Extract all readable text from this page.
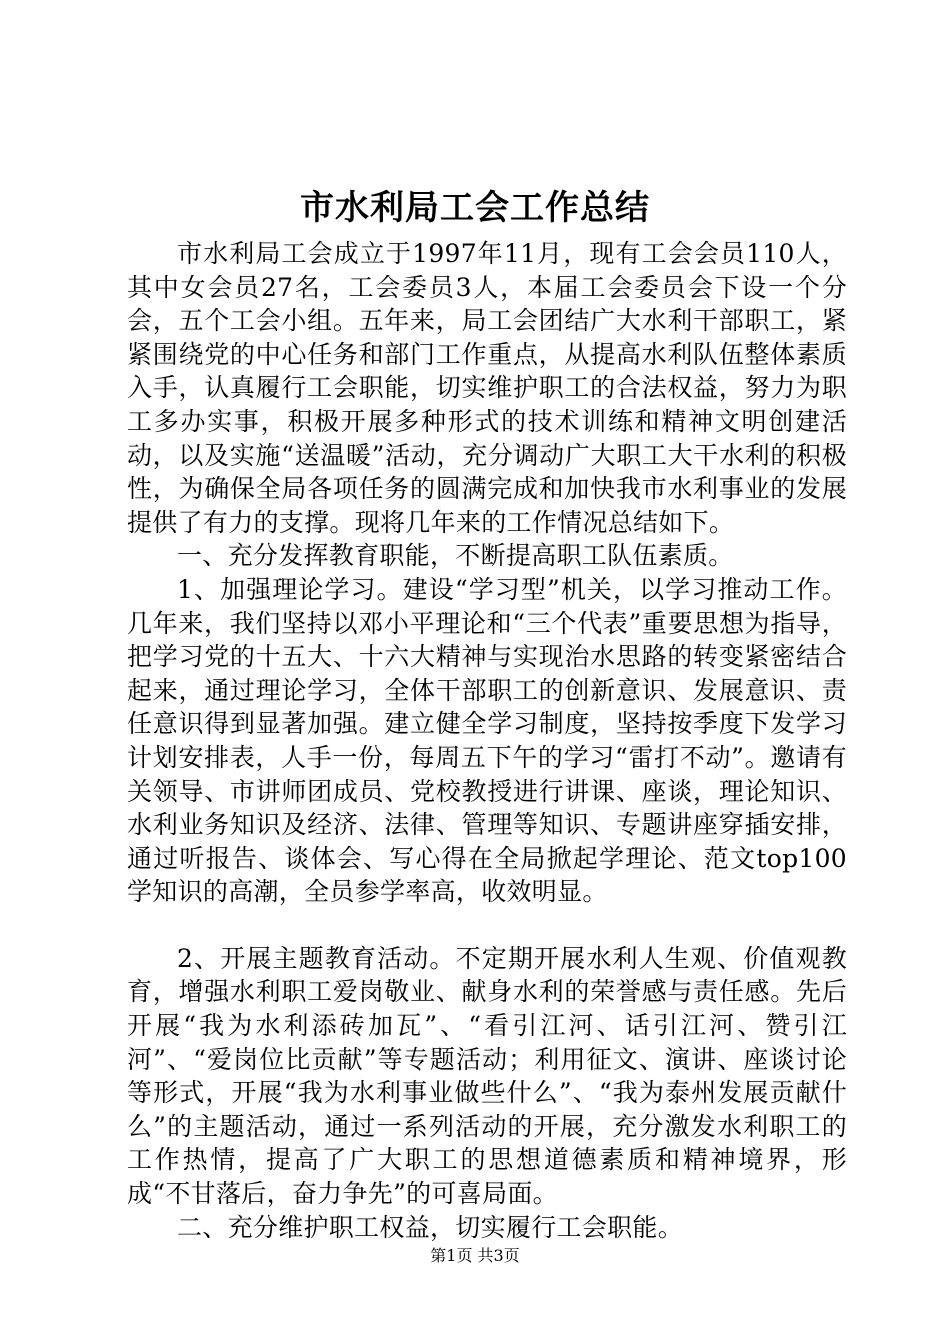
市水利局工会工作总结

市水利局工会成立于1997年11月，现有工会会员110人，其中女会员27名，工会委员3人，本届工会委员会下设一个分会，五个工会小组。五年来，局工会团结广大水利干部职工，紧紧围绕党的中心任务和部门工作重点，从提高水利队伍整体素质入手，认真履行工会职能，切实维护职工的合法权益，努力为职工多办实事，积极开展多种形式的技术训练和精神文明创建活动，以及实施“送温暖”活动，充分调动广大职工大干水利的积极性，为确保全局各项任务的圆满完成和加快我市水利事业的发展提供了有力的支撑。现将几年来的工作情况总结如下。

一、充分发挥教育职能，不断提高职工队伍素质。

1、加强理论学习。建设“学习型”机关，以学习推动工作。几年来，我们坚持以邓小平理论和“三个代表”重要思想为指导，把学习党的十五大、十六大精神与实现治水思路的转变紧密结合起来，通过理论学习，全体干部职工的创新意识、发展意识、责任意识得到显著加强。建立健全学习制度，坚持按季度下发学习计划安排表，人手一份，每周五下午的学习“雷打不动”。邀请有关领导、市讲师团成员、党校教授进行讲课、座谈，理论知识、水利业务知识及经济、法律、管理等知识、专题讲座穿插安排，通过听报告、谈体会、写心得在全局掀起学理论、范文top100学知识的高潮，全员参学率高，收效明显。

2、开展主题教育活动。不定期开展水利人生观、价值观教育，增强水利职工爱岗敬业、献身水利的荣誉感与责任感。先后开展“我为水利添砖加瓦”、“看引江河、话引江河、赞引江河”、“爱岗位比贡献”等专题活动；利用征文、演讲、座谈讨论等形式，开展“我为水利事业做些什么”、“我为泰州发展贡献什么”的主题活动，通过一系列活动的开展，充分激发水利职工的工作热情，提高了广大职工的思想道德素质和精神境界，形成“不甘落后，奋力争先”的可喜局面。

二、充分维护职工权益，切实履行工会职能。

第1页 共3页
